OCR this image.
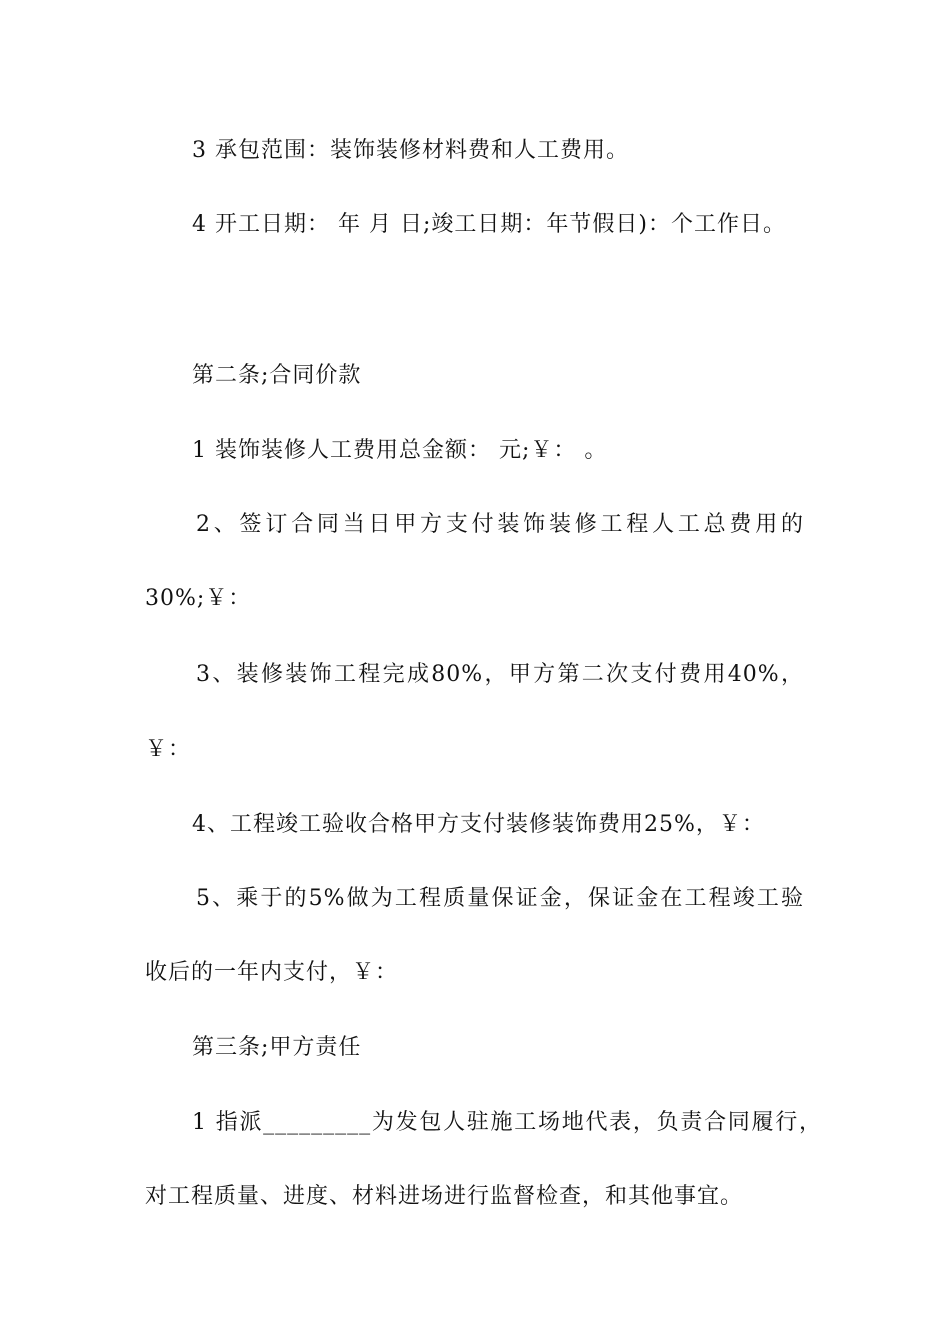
3 承包范围：装饰装修材料费和人工费用。
4 开工日期： 年 月 日;竣工日期：年节假日)：个工作日。
第二条;合同价款
1 装饰装修人工费用总金额： 元;￥： 。
2、签订合同当日甲方支付装饰装修工程人工总费用的
30%;￥：
3、装修装饰工程完成80%，甲方第二次支付费用40%，
￥：
4、工程竣工验收合格甲方支付装修装饰费用25%，￥：
5、乘于的5%做为工程质量保证金，保证金在工程竣工验
收后的一年内支付，￥：
第三条;甲方责任
1 指派_________为发包人驻施工场地代表，负责合同履行，
对工程质量、进度、材料进场进行监督检查，和其他事宜。
